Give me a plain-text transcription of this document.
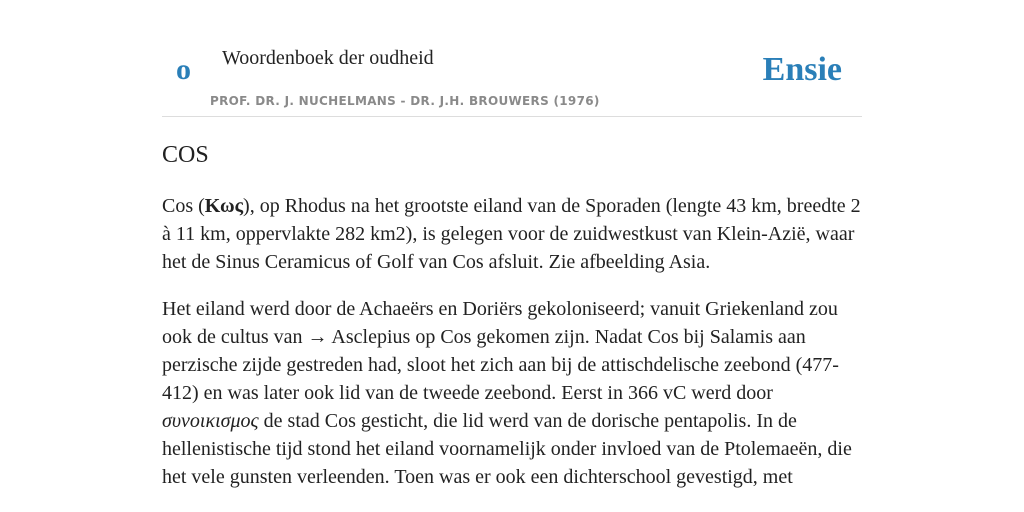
o Woordenboek der oudheid
PROF. DR. J. NUCHELMANS - DR. J.H. BROUWERS (1976)
Ensie
COS

Cos (Κως), op Rhodus na het grootste eiland van de Sporaden (lengte 43 km, breedte 2 à 11 km, oppervlakte 282 km2), is gelegen voor de zuidwestkust van Klein-Azië, waar het de Sinus Ceramicus of Golf van Cos afsluit. Zie afbeelding Asia.

Het eiland werd door de Achaeërs en Doriërs gekoloniseerd; vanuit Griekenland zou ook de cultus van → Asclepius op Cos gekomen zijn. Nadat Cos bij Salamis aan perzische zijde gestreden had, sloot het zich aan bij de attischdelische zeebond (477-412) en was later ook lid van de tweede zeebond. Eerst in 366 vC werd door συνοικισμος de stad Cos gesticht, die lid werd van de dorische pentapolis. In de hellenistische tijd stond het eiland voornamelijk onder invloed van de Ptolemaeën, die het vele gunsten verleenden. Toen was er ook een dichterschool gevestigd, met
